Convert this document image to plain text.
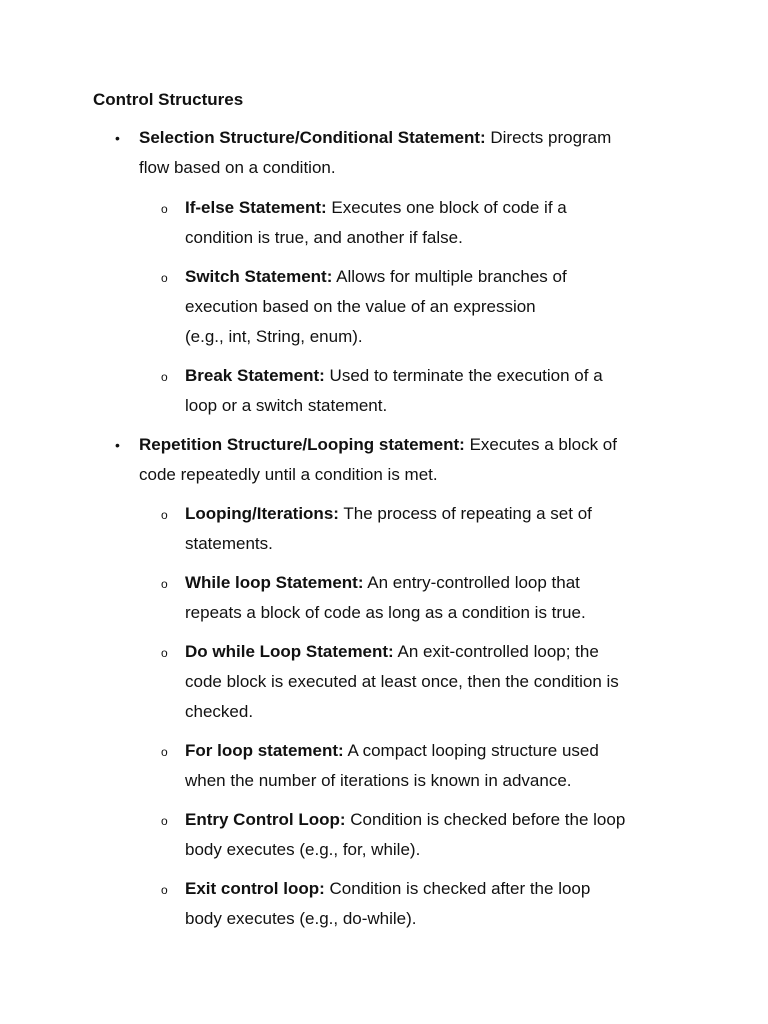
Control Structures
• Selection Structure/Conditional Statement: Directs program
flow based on a condition.
o If-else Statement: Executes one block of code if a
condition is true, and another if false.
o Switch Statement: Allows for multiple branches of
execution based on the value of an expression
(e.g., int, String, enum).
o Break Statement: Used to terminate the execution of a
loop or a switch statement.
• Repetition Structure/Looping statement: Executes a block of
code repeatedly until a condition is met.
o Looping/Iterations: The process of repeating a set of
statements.
o While loop Statement: An entry-controlled loop that
repeats a block of code as long as a condition is true.
o Do while Loop Statement: An exit-controlled loop; the
code block is executed at least once, then the condition is
checked.
o For loop statement: A compact looping structure used
when the number of iterations is known in advance.
o Entry Control Loop: Condition is checked before the loop
body executes (e.g., for, while).
o Exit control loop: Condition is checked after the loop
body executes (e.g., do-while).
